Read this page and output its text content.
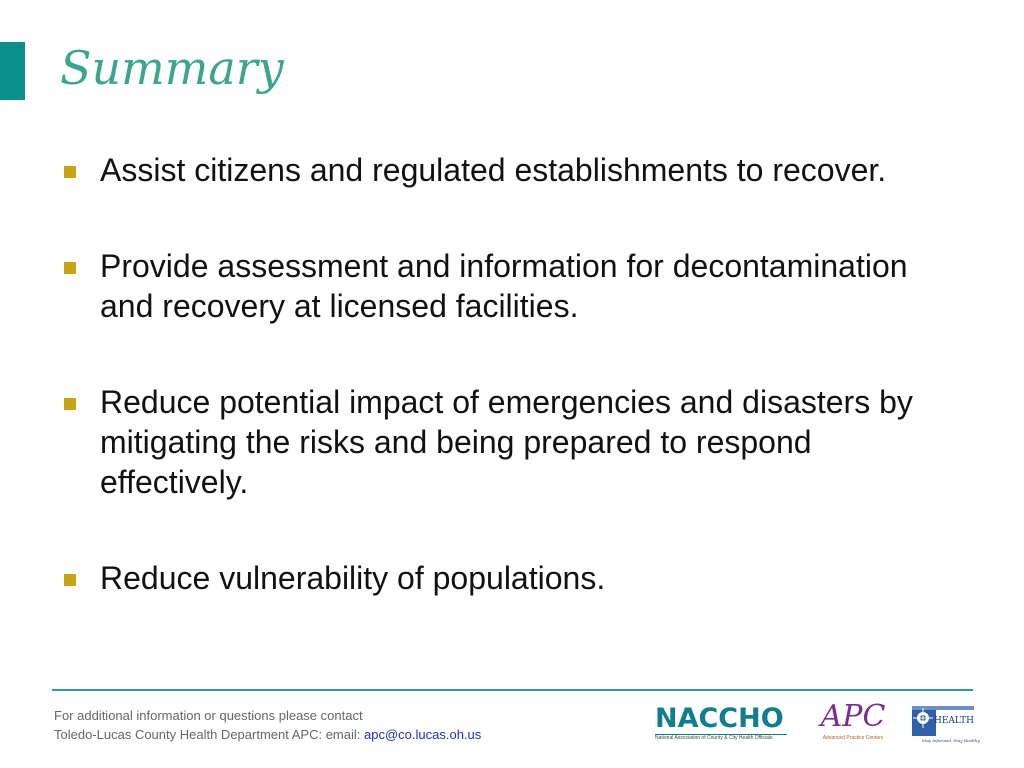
Summary
Assist citizens and regulated establishments to recover.
Provide assessment and information for decontamination and recovery at licensed facilities.
Reduce potential impact of emergencies and disasters by mitigating the risks and being prepared to respond effectively.
Reduce vulnerability of populations.
For additional information or questions please contact
Toledo-Lucas County Health Department APC: email: apc@co.lucas.oh.us
NACCHO
National Association of County & City Health Officials
APC
Advanced Practice Centers
HEALTH
Stay Informed. Stay Healthy.
